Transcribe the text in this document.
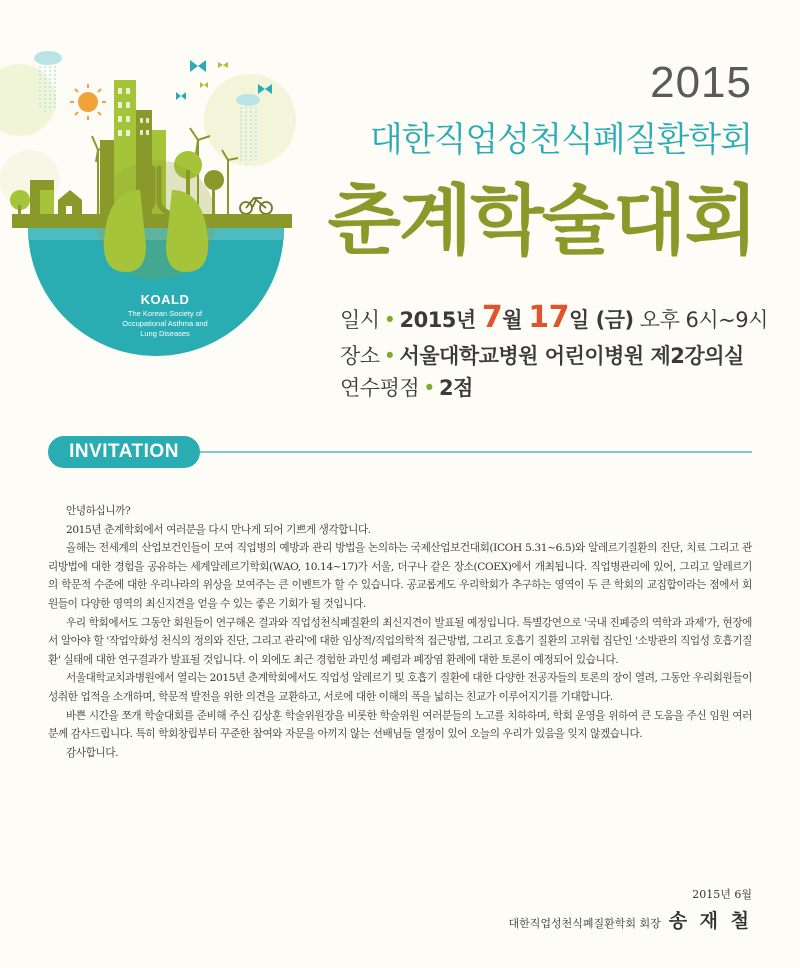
KOALD
The Korean Society of
Occupational Asthma and
Lung Diseases
2015
대한직업성천식폐질환학회
춘계학술대회
일시 • 2015년 7월 17일 (금) 오후 6시~9시
장소 • 서울대학교병원 어린이병원 제2강의실
연수평점 • 2점
INVITATION

안녕하십니까?

2015년 춘계학회에서 여러분을 다시 만나게 되어 기쁘게 생각합니다.

올해는 전세계의 산업보건인들이 모여 직업병의 예방과 관리 방법을 논의하는 국제산업보건대회(ICOH 5.31~6.5)와 알레르기질환의 진단, 치료 그리고 관리방법에 대한 경험을 공유하는 세계알레르기학회(WAO, 10.14~17)가 서울, 더구나 같은 장소(COEX)에서 개최됩니다. 직업병관리에 있어, 그리고 알레르기의 학문적 수준에 대한 우리나라의 위상을 보여주는 큰 이벤트가 할 수 있습니다. 공교롭게도 우리학회가 추구하는 영역이 두 큰 학회의 교집합이라는 점에서 회원들이 다양한 영역의 최신지견을 얻을 수 있는 좋은 기회가 될 것입니다.

우리 학회에서도 그동안 회원들이 연구해온 결과와 직업성천식폐질환의 최신지견이 발표될 예정입니다. 특별강연으로 '국내 진폐증의 역학과 과제'가, 현장에서 알아야 할 '작업악화성 천식의 정의와 진단, 그리고 관리'에 대한 임상적/직업의학적 접근방법, 그리고 호흡기 질환의 고위험 집단인 '소방관의 직업성 호흡기질환' 실태에 대한 연구결과가 발표될 것입니다. 이 외에도 최근 경험한 과민성 폐렴과 폐장염 환례에 대한 토론이 예정되어 있습니다.

서울대학교치과병원에서 열리는 2015년 춘계학회에서도 직업성 알레르기 및 호흡기 질환에 대한 다양한 전공자들의 토론의 장이 열려, 그동안 우리회원들이 성취한 업적을 소개하며, 학문적 발전을 위한 의견을 교환하고, 서로에 대한 이해의 폭을 넓히는 친교가 이루어지기를 기대합니다.

바쁜 시간을 쪼개 학술대회를 준비해 주신 김상훈 학술위원장을 비롯한 학술위원 여러분들의 노고를 치하하며, 학회 운영을 위하여 큰 도움을 주신 임원 여러분께 감사드립니다. 특히 학회창립부터 꾸준한 참여와 자문을 아끼지 않는 선배님들 열정이 있어 오늘의 우리가 있음을 잊지 않겠습니다.

감사합니다.

2015년 6월
대한직업성천식폐질환학회 회장 송 재 철
